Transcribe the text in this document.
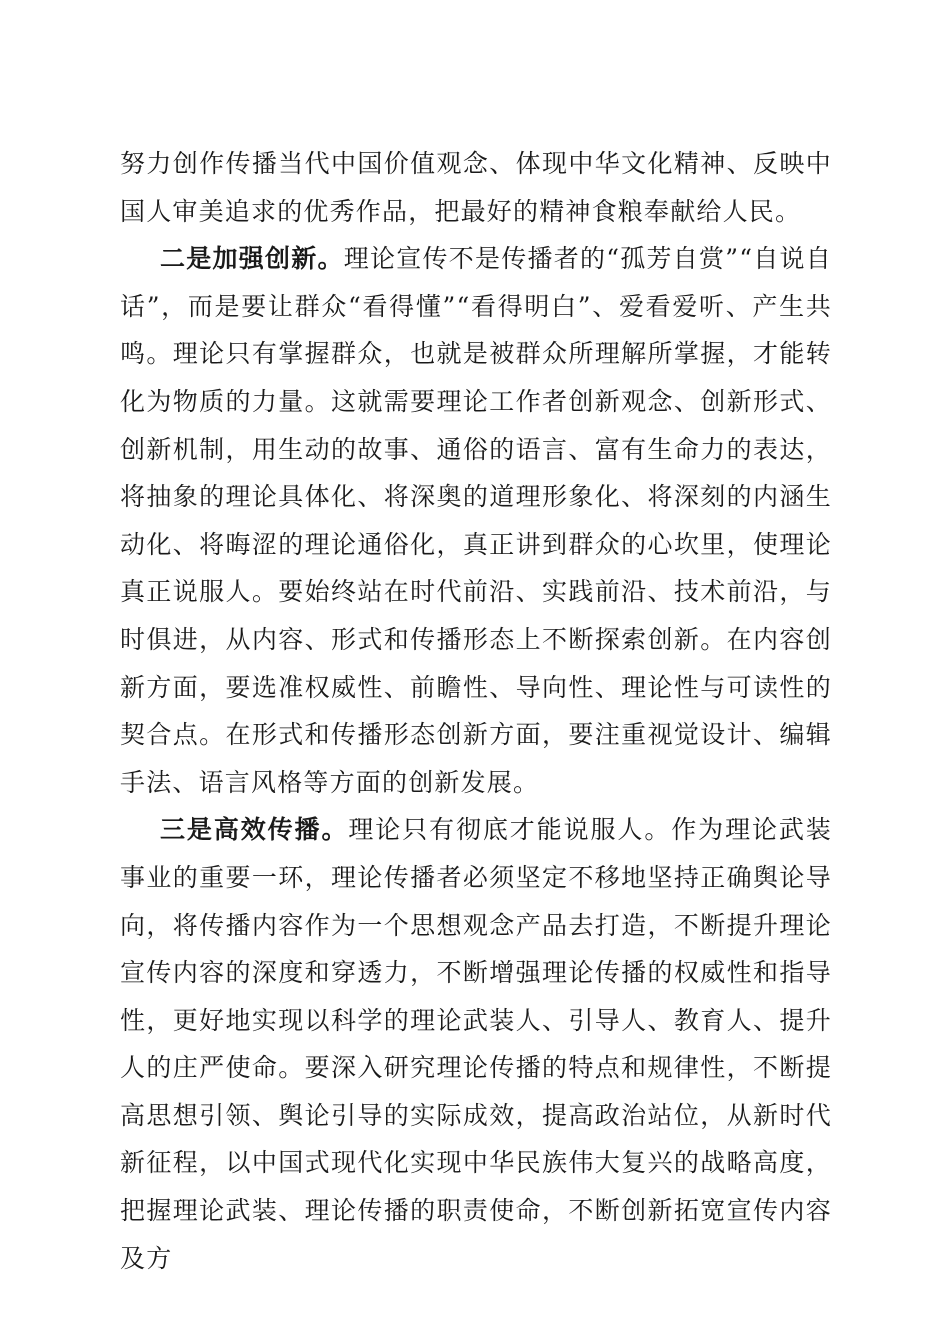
努力创作传播当代中国价值观念、体现中华文化精神、反映中国人审美追求的优秀作品，把最好的精神食粮奉献给人民。

二是加强创新。理论宣传不是传播者的“孤芳自赏”“自说自话”，而是要让群众“看得懂”“看得明白”、爱看爱听、产生共鸣。理论只有掌握群众，也就是被群众所理解所掌握，才能转化为物质的力量。这就需要理论工作者创新观念、创新形式、创新机制，用生动的故事、通俗的语言、富有生命力的表达，将抽象的理论具体化、将深奥的道理形象化、将深刻的内涵生动化、将晦涩的理论通俗化，真正讲到群众的心坎里，使理论真正说服人。要始终站在时代前沿、实践前沿、技术前沿，与时俱进，从内容、形式和传播形态上不断探索创新。在内容创新方面，要选准权威性、前瞻性、导向性、理论性与可读性的契合点。在形式和传播形态创新方面，要注重视觉设计、编辑手法、语言风格等方面的创新发展。

三是高效传播。理论只有彻底才能说服人。作为理论武装事业的重要一环，理论传播者必须坚定不移地坚持正确舆论导向，将传播内容作为一个思想观念产品去打造，不断提升理论宣传内容的深度和穿透力，不断增强理论传播的权威性和指导性，更好地实现以科学的理论武装人、引导人、教育人、提升人的庄严使命。要深入研究理论传播的特点和规律性，不断提高思想引领、舆论引导的实际成效，提高政治站位，从新时代新征程，以中国式现代化实现中华民族伟大复兴的战略高度，把握理论武装、理论传播的职责使命，不断创新拓宽宣传内容及方
